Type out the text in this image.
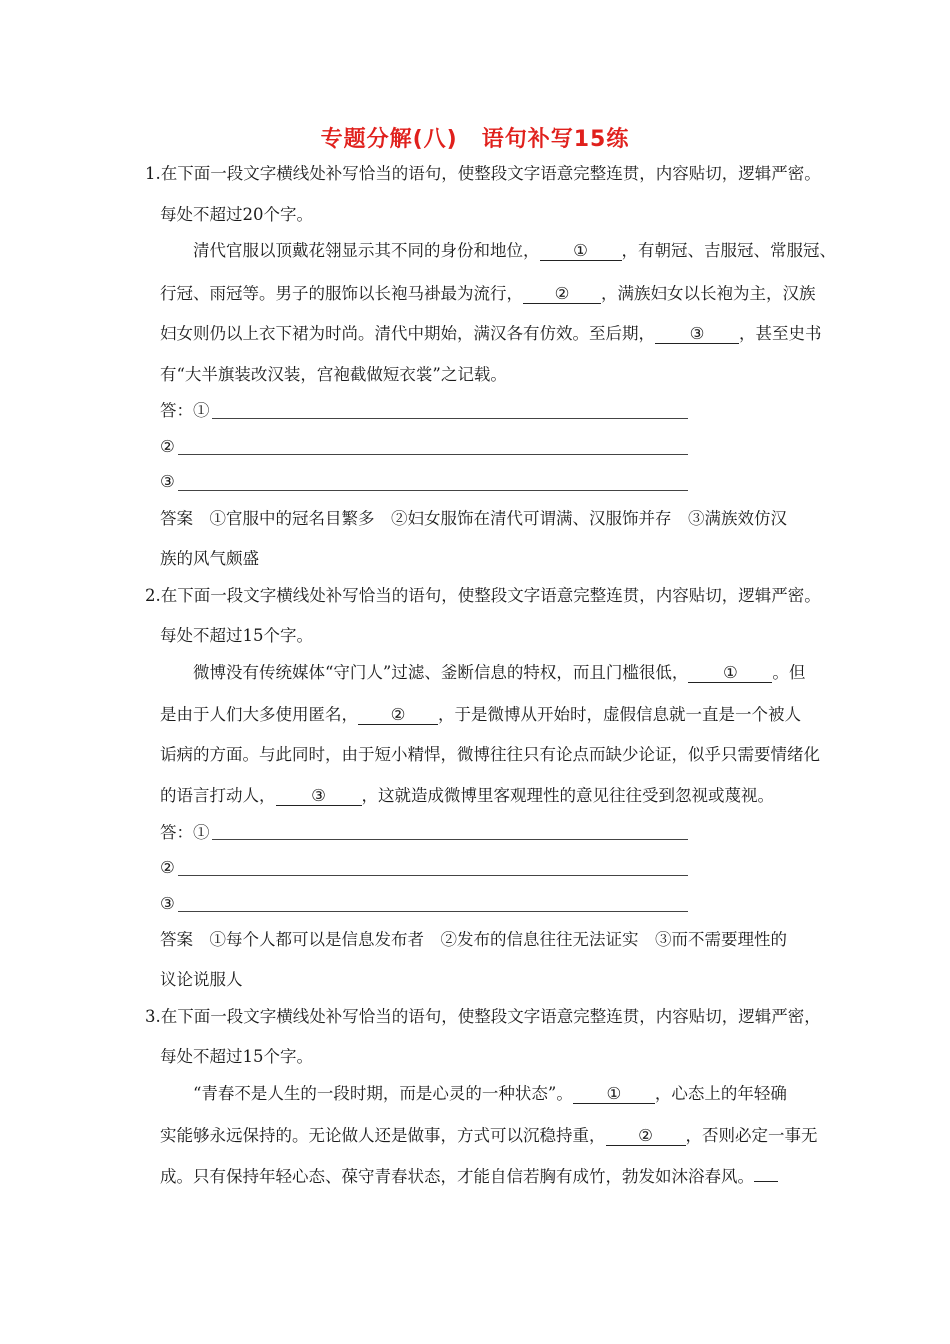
专题分解(八) 语句补写15练
1.在下面一段文字横线处补写恰当的语句，使整段文字语意完整连贯，内容贴切，逻辑严密。
每处不超过20个字。
清代官服以顶戴花翎显示其不同的身份和地位， ① ，有朝冠、吉服冠、常服冠、
行冠、雨冠等。男子的服饰以长袍马褂最为流行， ② ，满族妇女以长袍为主，汉族
妇女则仍以上衣下裙为时尚。清代中期始，满汉各有仿效。至后期， ③ ，甚至史书
有“大半旗装改汉装，宫袍截做短衣裳”之记载。
答：①
②
③
答案　①官服中的冠名目繁多　②妇女服饰在清代可谓满、汉服饰并存　③满族效仿汉
族的风气颇盛
2.在下面一段文字横线处补写恰当的语句，使整段文字语意完整连贯，内容贴切，逻辑严密。
每处不超过15个字。
微博没有传统媒体“守门人”过滤、釜断信息的特权，而且门槛很低， ① 。但
是由于人们大多使用匿名， ② ，于是微博从开始时，虚假信息就一直是一个被人
诟病的方面。与此同时，由于短小精悍，微博往往只有论点而缺少论证，似乎只需要情绪化
的语言打动人， ③ ，这就造成微博里客观理性的意见往往受到忽视或蔑视。
答：①
②
③
答案　①每个人都可以是信息发布者　②发布的信息往往无法证实　③而不需要理性的
议论说服人
3.在下面一段文字横线处补写恰当的语句，使整段文字语意完整连贯，内容贴切，逻辑严密，
每处不超过15个字。
“青春不是人生的一段时期，而是心灵的一种状态”。 ① ，心态上的年轻确
实能够永远保持的。无论做人还是做事，方式可以沉稳持重， ② ，否则必定一事无
成。只有保持年轻心态、葆守青春状态，才能自信若胸有成竹，勃发如沐浴春风。
